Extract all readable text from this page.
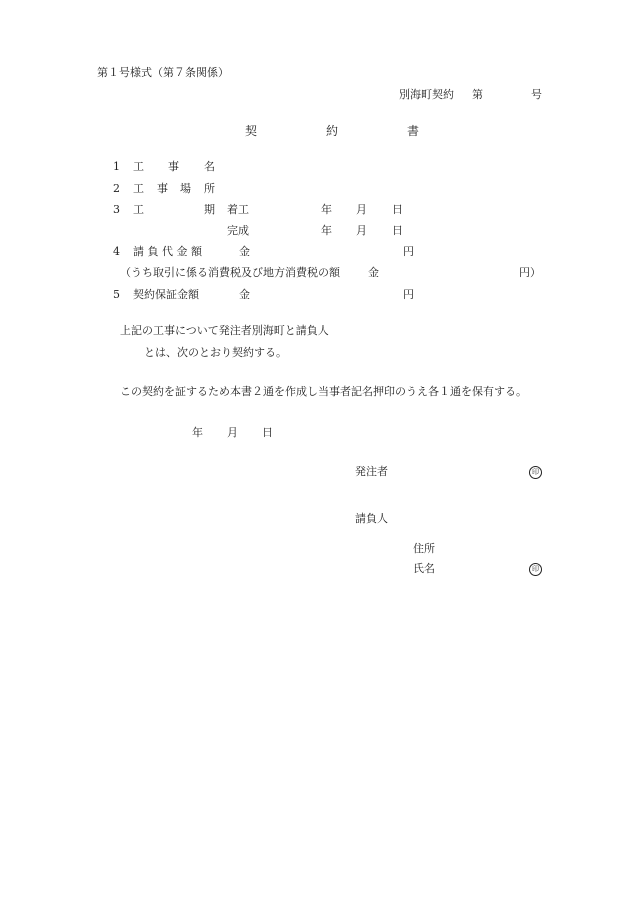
第１号様式（第７条関係）
別海町契約 第	号
契	約	書
1 工 事 名
2 工 事 場 所
3 工	期 着工	年 月 日
完成	年 月 日
4 請 負 代 金 額	金	円
（うち取引に係る消費税及び地方消費税の額	金	円）
5 契約保証金額	金	円
上記の工事について発注者別海町と請負人
とは、次のとおり契約する。
この契約を証するため本書２通を作成し当事者記名押印のうえ各１通を保有する。
年 月 日
発注者	印
請負人
住所
氏名	印
